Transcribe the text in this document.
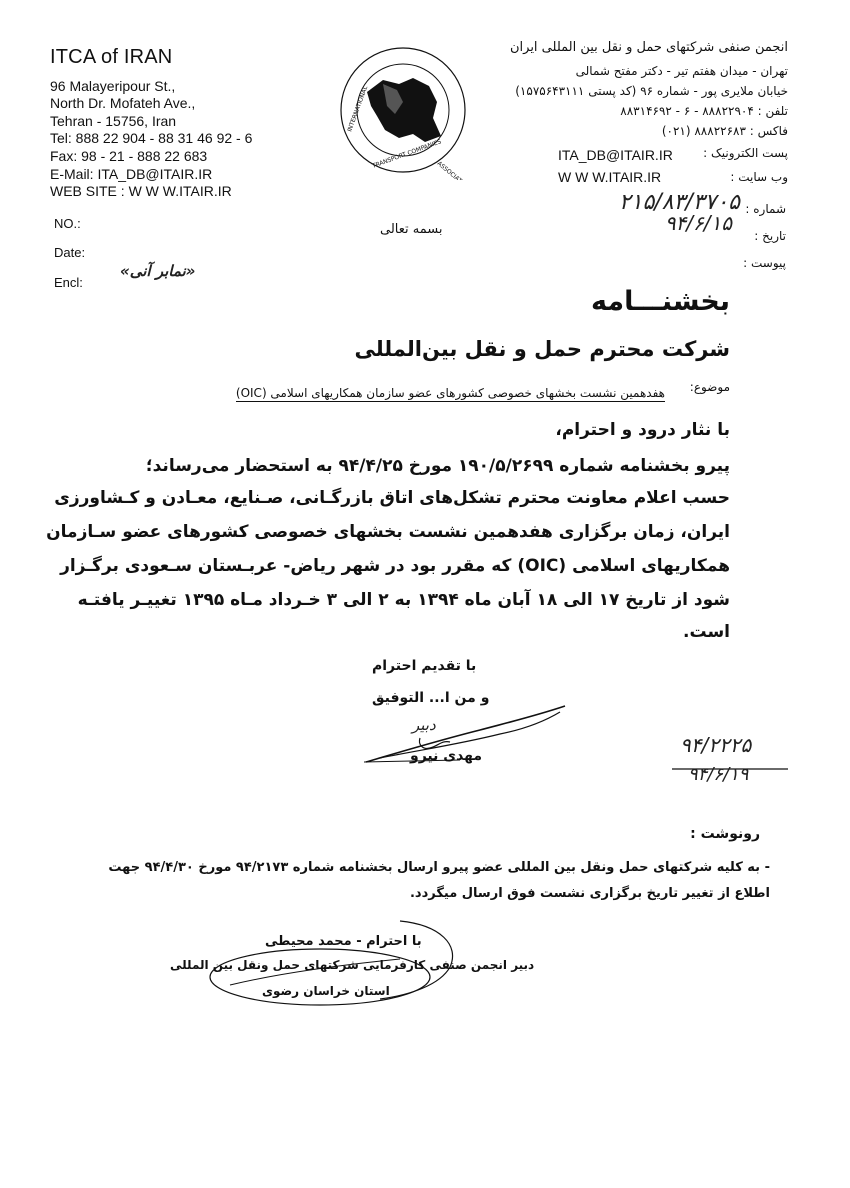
ITCA of IRAN
96 Malayeripour St.,
North Dr. Mofateh Ave.,
Tehran - 15756, Iran
Tel: 888 22 904 - 88 31 46 92 - 6
Fax: 98 - 21 - 888 22 683
E-Mail: ITA_DB@ITAIR.IR
WEB SITE : W W W.ITAIR.IR
INTERNATIONAL
TRANSPORT COMPANIES
ASSOCIATION
انجمن صنفی شرکتهای حمل و نقل بین المللی ایران
تهران - میدان هفتم تیر - دکتر مفتح شمالی
خیابان ملایری پور - شماره ۹۶ (کد پستی ۱۵۷۵۶۴۳۱۱۱)
تلفن : ۸۸۸۲۲۹۰۴ - ۶ - ۸۸۳۱۴۶۹۲
فاکس : ۸۸۸۲۲۶۸۳ (۰۲۱)
پست الکترونیک :
ITA_DB@ITAIR.IR
وب سایت :
W W W.ITAIR.IR
NO.:
Date:
Encl:
شماره :
تاریخ :
پیوست :
۲۱۵/۸۳/۳۷۰۵
۹۴/۶/۱۵
بسمه تعالی
«نمابر آنی»
بخشنـــامه
شرکت محترم حمل و نقل بین‌المللی
موضوع:
هفدهمین نشست بخشهای خصوصی کشورهای عضو سازمان همکاریهای اسلامی (OIC)
با نثار درود و احترام،
پیرو بخشنامه شماره ۱۹۰/۵/۲۶۹۹ مورخ ۹۴/۴/۲۵ به استحضار می‌رساند؛
حسب اعلام معاونت محترم تشکل‌های اتاق بازرگـانی، صـنایع، معـادن و کـشاورزی
ایران، زمان برگزاری هفدهمین نشست بخشهای خصوصی کشورهای عضو سـازمان
همکاریهای اسلامی (OIC) که مقرر بود در شهر ریاض- عربـستان سـعودی برگـزار
شود از تاریخ ۱۷ الی ۱۸ آبان ماه ۱۳۹۴ به ۲ الی ۳ خـرداد مـاه ۱۳۹۵ تغییـر یافتـه
است.
با تقدیم احترام
و من ا... التوفیق
دبیر
مهدی نیرو	۹۴/۲۲۲۵
۹۴/۶/۱۹
رونوشت :
- به کلیه شرکتهای حمل ونقل بین المللی عضو پیرو ارسال بخشنامه شماره ۹۴/۲۱۷۳ مورخ ۹۴/۴/۳۰ جهت
اطلاع از تغییر تاریخ برگزاری نشست فوق ارسال میگردد.
با احترام - محمد محیطی
دبیر انجمن صنفی کارفرمایی شرکتهای حمل ونقل بین المللی
استان خراسان رضوی
